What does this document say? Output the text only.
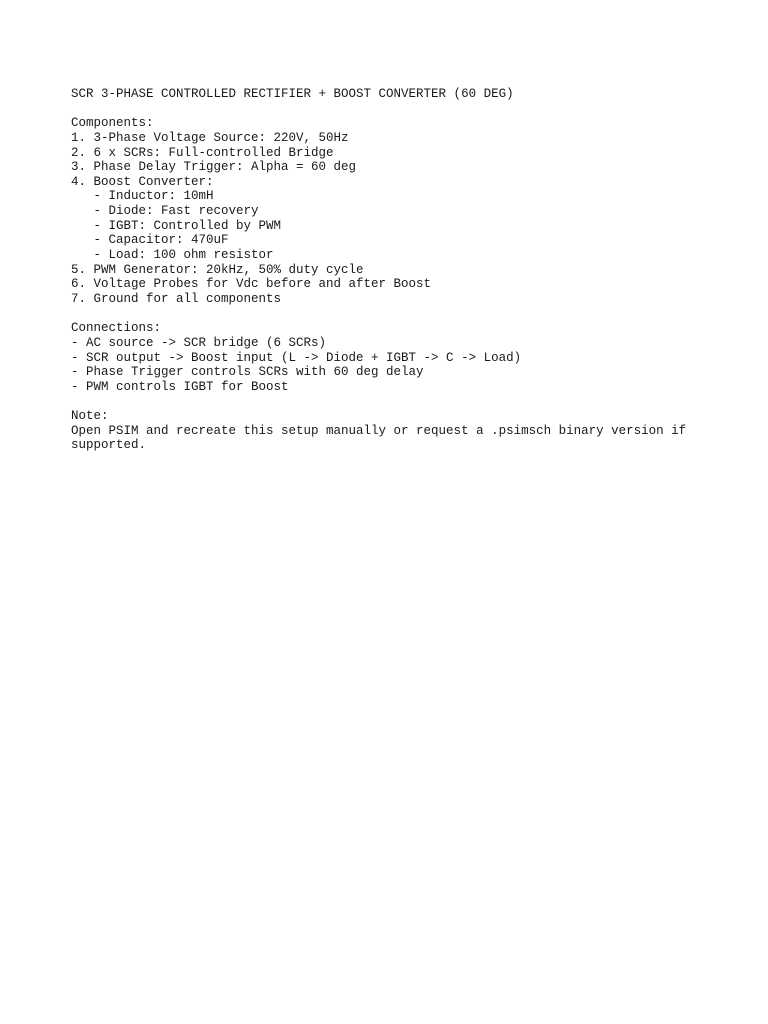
SCR 3-PHASE CONTROLLED RECTIFIER + BOOST CONVERTER (60 DEG)
Components:
1. 3-Phase Voltage Source: 220V, 50Hz
2. 6 x SCRs: Full-controlled Bridge
3. Phase Delay Trigger: Alpha = 60 deg
4. Boost Converter:
- Inductor: 10mH
- Diode: Fast recovery
- IGBT: Controlled by PWM
- Capacitor: 470uF
- Load: 100 ohm resistor
5. PWM Generator: 20kHz, 50% duty cycle
6. Voltage Probes for Vdc before and after Boost
7. Ground for all components
Connections:
- AC source -> SCR bridge (6 SCRs)
- SCR output -> Boost input (L -> Diode + IGBT -> C -> Load)
- Phase Trigger controls SCRs with 60 deg delay
- PWM controls IGBT for Boost
Note:
Open PSIM and recreate this setup manually or request a .psimsch binary version if supported.
